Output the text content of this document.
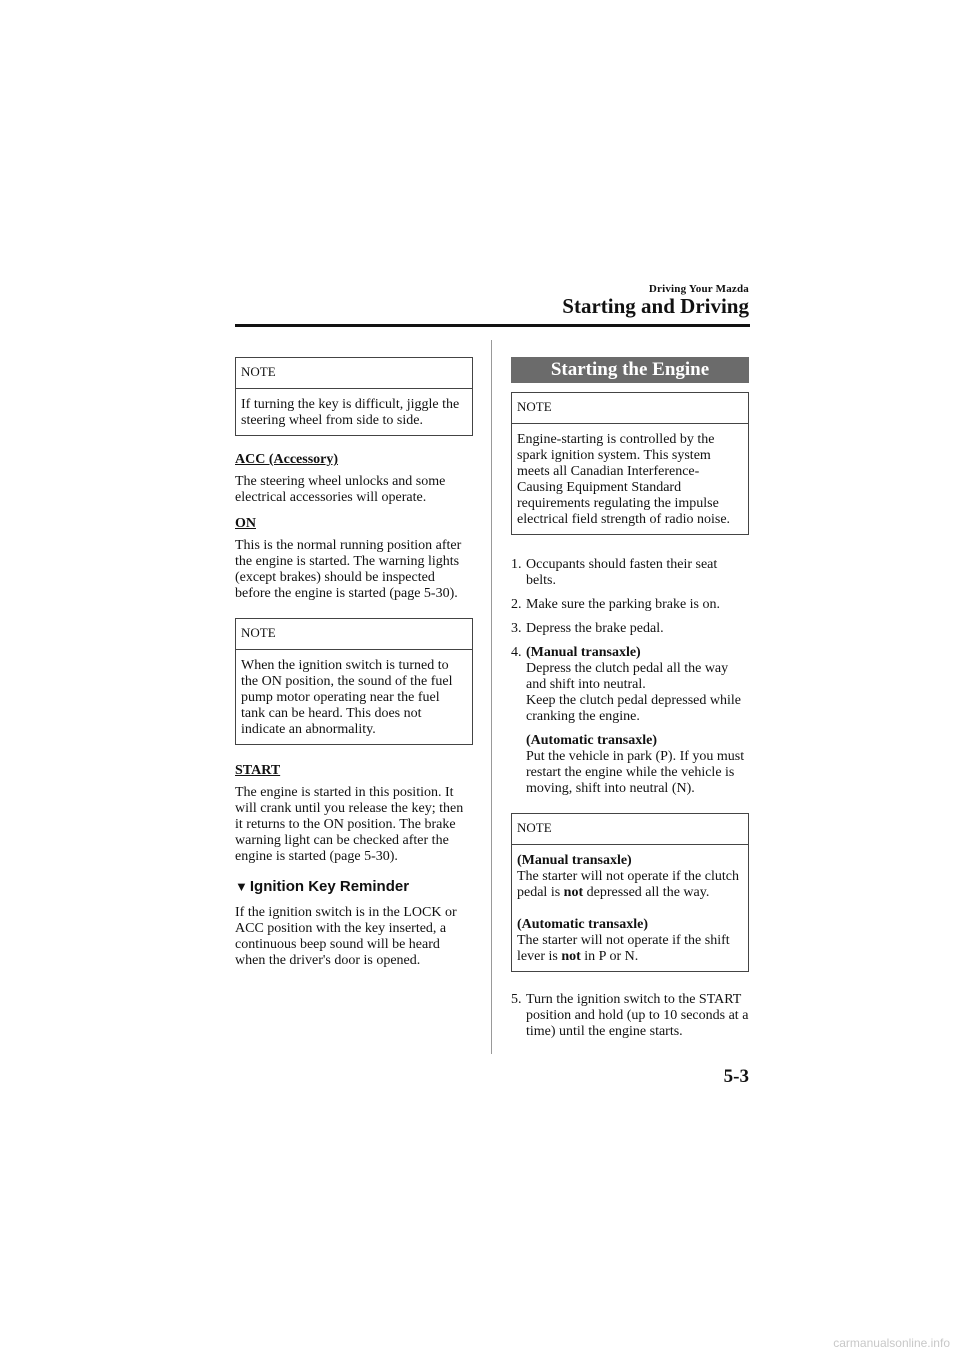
Driving Your Mazda
Starting and Driving
NOTE

If turning the key is difficult, jiggle the steering wheel from side to side.

ACC (Accessory)

The steering wheel unlocks and some electrical accessories will operate.

ON

This is the normal running position after the engine is started. The warning lights (except brakes) should be inspected before the engine is started (page 5-30).

NOTE

When the ignition switch is turned to the ON position, the sound of the fuel pump motor operating near the fuel tank can be heard. This does not indicate an abnormality.

START

The engine is started in this position. It will crank until you release the key; then it returns to the ON position. The brake warning light can be checked after the engine is started (page 5-30).

▼ Ignition Key Reminder

If the ignition switch is in the LOCK or ACC position with the key inserted, a continuous beep sound will be heard when the driver's door is opened.

Starting the Engine
NOTE

Engine-starting is controlled by the spark ignition system. This system meets all Canadian Interference-Causing Equipment Standard requirements regulating the impulse electrical field strength of radio noise.

1. Occupants should fasten their seat belts.
2. Make sure the parking brake is on.
3. Depress the brake pedal.
4. (Manual transaxle)
Depress the clutch pedal all the way and shift into neutral.
Keep the clutch pedal depressed while cranking the engine.

(Automatic transaxle)
Put the vehicle in park (P). If you must restart the engine while the vehicle is moving, shift into neutral (N).

NOTE

(Manual transaxle)
The starter will not operate if the clutch pedal is not depressed all the way.

(Automatic transaxle)
The starter will not operate if the shift lever is not in P or N.

5. Turn the ignition switch to the START position and hold (up to 10 seconds at a time) until the engine starts.
5-3
carmanualsonline.info
